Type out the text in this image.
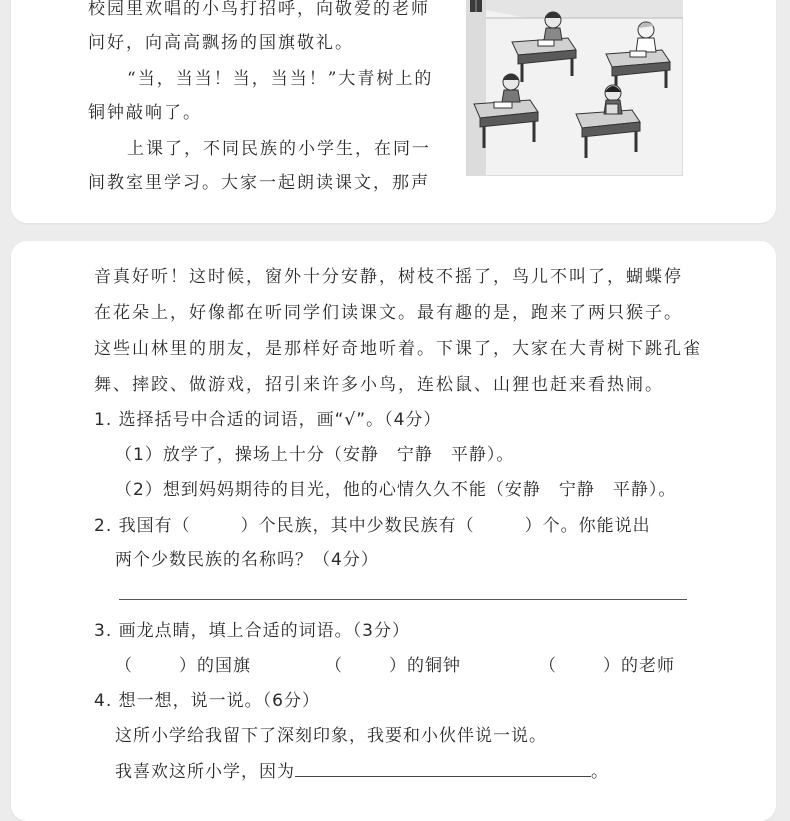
校园里欢唱的小鸟打招呼，向敬爱的老师
问好，向高高飘扬的国旗敬礼。
“当，当当！当，当当！”大青树上的
铜钟敲响了。
上课了，不同民族的小学生，在同一
间教室里学习。大家一起朗读课文，那声
音真好听！这时候，窗外十分安静，树枝不摇了，鸟儿不叫了，蝴蝶停
在花朵上，好像都在听同学们读课文。最有趣的是，跑来了两只猴子。
这些山林里的朋友，是那样好奇地听着。下课了，大家在大青树下跳孔雀
舞、摔跤、做游戏，招引来许多小鸟，连松鼠、山狸也赶来看热闹。
1. 选择括号中合适的词语，画“√”。（4分）
（1）放学了，操场上十分（安静　宁静　平静）。
（2）想到妈妈期待的目光，他的心情久久不能（安静　宁静　平静）。
2. 我国有（	）个民族，其中少数民族有（	）个。你能说出
两个少数民族的名称吗？（4分）
3. 画龙点睛，填上合适的词语。（3分）
（	）的国旗	（	）的铜钟	（	）的老师
4. 想一想，说一说。（6分）
这所小学给我留下了深刻印象，我要和小伙伴说一说。
我喜欢这所小学，因为	。
